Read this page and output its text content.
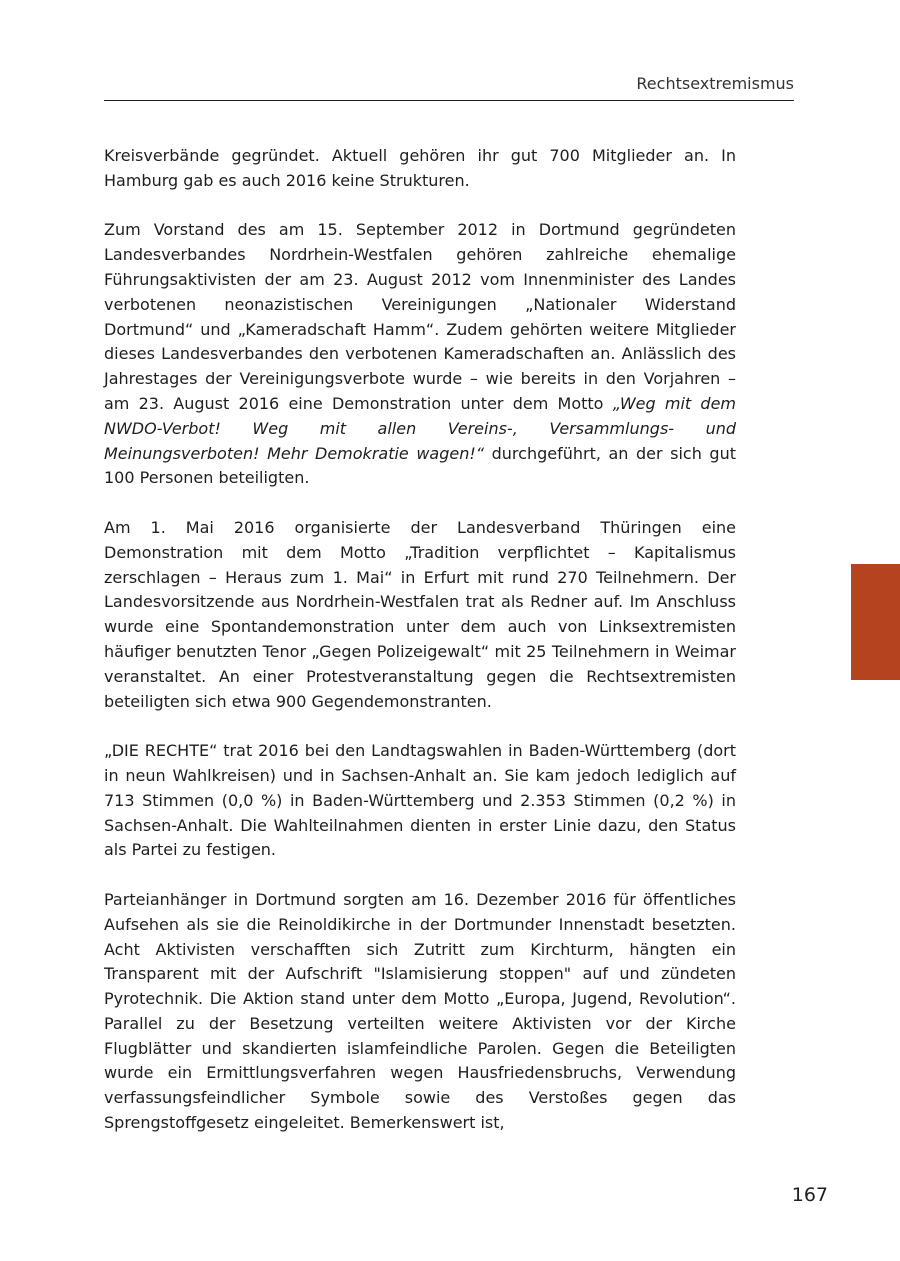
Rechtsextremismus

Kreisverbände gegründet. Aktuell gehören ihr gut 700 Mitglieder an. In Hamburg gab es auch 2016 keine Strukturen.

Zum Vorstand des am 15. September 2012 in Dortmund gegründeten Landesverbandes Nordrhein-Westfalen gehören zahlreiche ehemalige Führungsaktivisten der am 23. August 2012 vom Innenminister des Landes verbotenen neonazistischen Vereinigungen „Nationaler Widerstand Dortmund“ und „Kameradschaft Hamm“. Zudem gehörten weitere Mitglieder dieses Landesverbandes den verbotenen Kameradschaften an. Anlässlich des Jahrestages der Vereinigungsverbote wurde – wie bereits in den Vorjahren – am 23. August 2016 eine Demonstration unter dem Motto „Weg mit dem NWDO-Verbot! Weg mit allen Vereins-, Versammlungs- und Meinungsverboten! Mehr Demokratie wagen!“ durchgeführt, an der sich gut 100 Personen beteiligten.

Am 1. Mai 2016 organisierte der Landesverband Thüringen eine Demonstration mit dem Motto „Tradition verpflichtet – Kapitalismus zerschlagen – Heraus zum 1. Mai“ in Erfurt mit rund 270 Teilnehmern. Der Landesvorsitzende aus Nordrhein-Westfalen trat als Redner auf. Im Anschluss wurde eine Spontandemonstration unter dem auch von Linksextremisten häufiger benutzten Tenor „Gegen Polizeigewalt“ mit 25 Teilnehmern in Weimar veranstaltet. An einer Protestveranstaltung gegen die Rechtsextremisten beteiligten sich etwa 900 Gegendemonstranten.

„DIE RECHTE“ trat 2016 bei den Landtagswahlen in Baden-Württemberg (dort in neun Wahlkreisen) und in Sachsen-Anhalt an. Sie kam jedoch lediglich auf 713 Stimmen (0,0 %) in Baden-Württemberg und 2.353 Stimmen (0,2 %) in Sachsen-Anhalt. Die Wahlteilnahmen dienten in erster Linie dazu, den Status als Partei zu festigen.

Parteianhänger in Dortmund sorgten am 16. Dezember 2016 für öffentliches Aufsehen als sie die Reinoldikirche in der Dortmunder Innenstadt besetzten. Acht Aktivisten verschafften sich Zutritt zum Kirchturm, hängten ein Transparent mit der Aufschrift "Islamisierung stoppen" auf und zündeten Pyrotechnik. Die Aktion stand unter dem Motto „Europa, Jugend, Revolution“. Parallel zu der Besetzung verteilten weitere Aktivisten vor der Kirche Flugblätter und skandierten islamfeindliche Parolen. Gegen die Beteiligten wurde ein Ermittlungsverfahren wegen Hausfriedensbruchs, Verwendung verfassungsfeindlicher Symbole sowie des Verstoßes gegen das Sprengstoffgesetz eingeleitet. Bemerkenswert ist,

167
